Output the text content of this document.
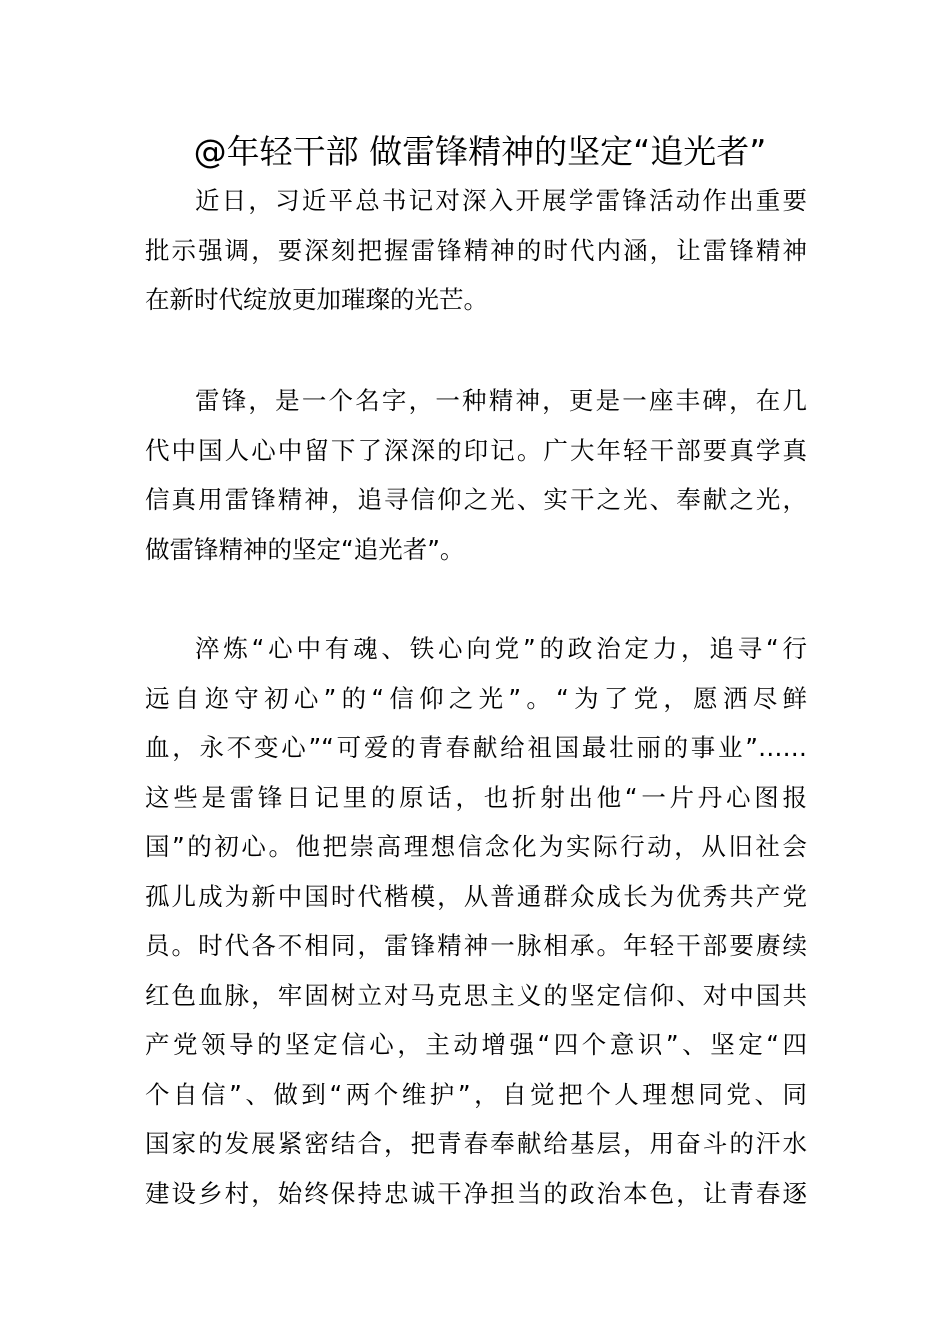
@年轻干部 做雷锋精神的坚定“追光者”

近日，习近平总书记对深入开展学雷锋活动作出重要
批示强调，要深刻把握雷锋精神的时代内涵，让雷锋精神
在新时代绽放更加璀璨的光芒。

雷锋，是一个名字，一种精神，更是一座丰碑，在几
代中国人心中留下了深深的印记。广大年轻干部要真学真
信真用雷锋精神，追寻信仰之光、实干之光、奉献之光，
做雷锋精神的坚定“追光者”。

淬炼“心中有魂、铁心向党”的政治定力，追寻“行
远自迩守初心”的“信仰之光”。“为了党，愿洒尽鲜
血，永不变心”“可爱的青春献给祖国最壮丽的事业”……
这些是雷锋日记里的原话，也折射出他“一片丹心图报
国”的初心。他把崇高理想信念化为实际行动，从旧社会
孤儿成为新中国时代楷模，从普通群众成长为优秀共产党
员。时代各不相同，雷锋精神一脉相承。年轻干部要赓续
红色血脉，牢固树立对马克思主义的坚定信仰、对中国共
产党领导的坚定信心，主动增强“四个意识”、坚定“四
个自信”、做到“两个维护”，自觉把个人理想同党、同
国家的发展紧密结合，把青春奉献给基层，用奋斗的汗水
建设乡村，始终保持忠诚干净担当的政治本色，让青春逐
